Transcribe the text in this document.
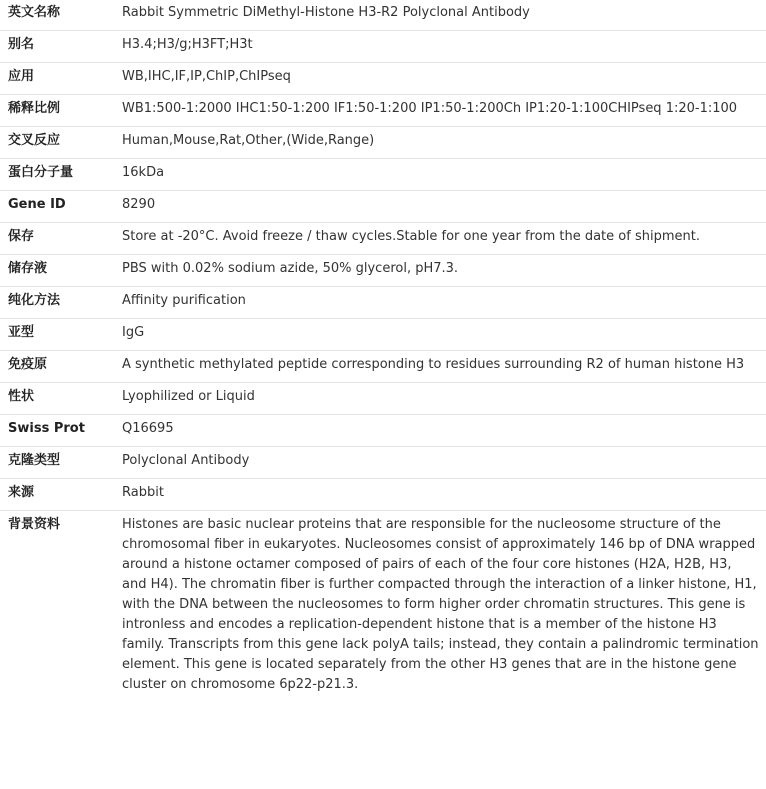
英文名称	Rabbit Symmetric DiMethyl-Histone H3-R2 Polyclonal Antibody
别名	H3.4;H3/g;H3FT;H3t
应用	WB,IHC,IF,IP,ChIP,ChIPseq
稀释比例	WB1:500-1:2000 IHC1:50-1:200 IF1:50-1:200 IP1:50-1:200Ch IP1:20-1:100CHIPseq 1:20-1:100
交叉反应	Human,Mouse,Rat,Other,(Wide,Range)
蛋白分子量	16kDa
Gene ID	8290
保存	Store at -20°C. Avoid freeze / thaw cycles.Stable for one year from the date of shipment.
储存液	PBS with 0.02% sodium azide, 50% glycerol, pH7.3.
纯化方法	Affinity purification
亚型	IgG
免疫原	A synthetic methylated peptide corresponding to residues surrounding R2 of human histone H3
性状	Lyophilized or Liquid
Swiss Prot	Q16695
克隆类型	Polyclonal Antibody
来源	Rabbit
背景资料	Histones are basic nuclear proteins that are responsible for the nucleosome structure of the chromosomal fiber in eukaryotes. Nucleosomes consist of approximately 146 bp of DNA wrapped around a histone octamer composed of pairs of each of the four core histones (H2A, H2B, H3, and H4). The chromatin fiber is further compacted through the interaction of a linker histone, H1, with the DNA between the nucleosomes to form higher order chromatin structures. This gene is intronless and encodes a replication-dependent histone that is a member of the histone H3 family. Transcripts from this gene lack polyA tails; instead, they contain a palindromic termination element. This gene is located separately from the other H3 genes that are in the histone gene cluster on chromosome 6p22-p21.3.
